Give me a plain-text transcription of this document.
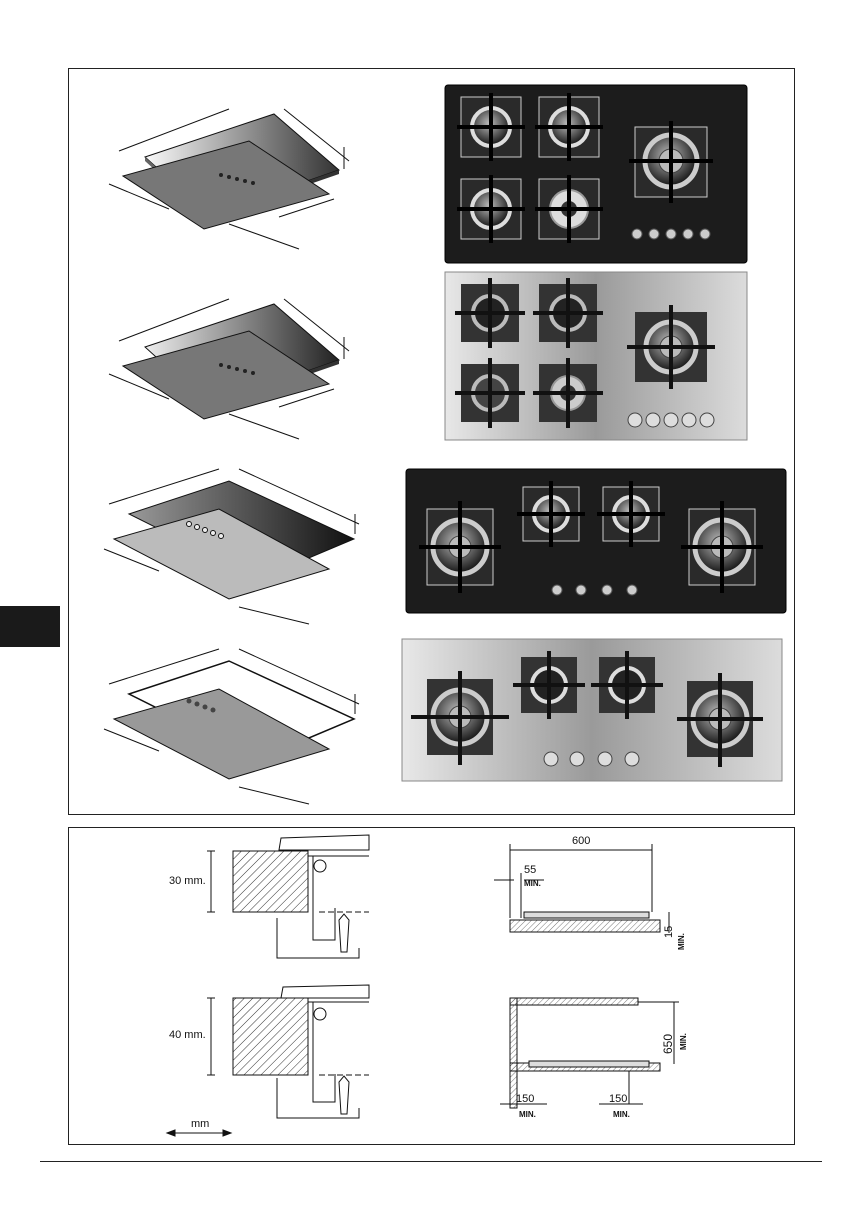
30 mm.
40 mm.
mm
600
55
MIN.
15
MIN.
650 MIN.
150
MIN.
150
MIN.
